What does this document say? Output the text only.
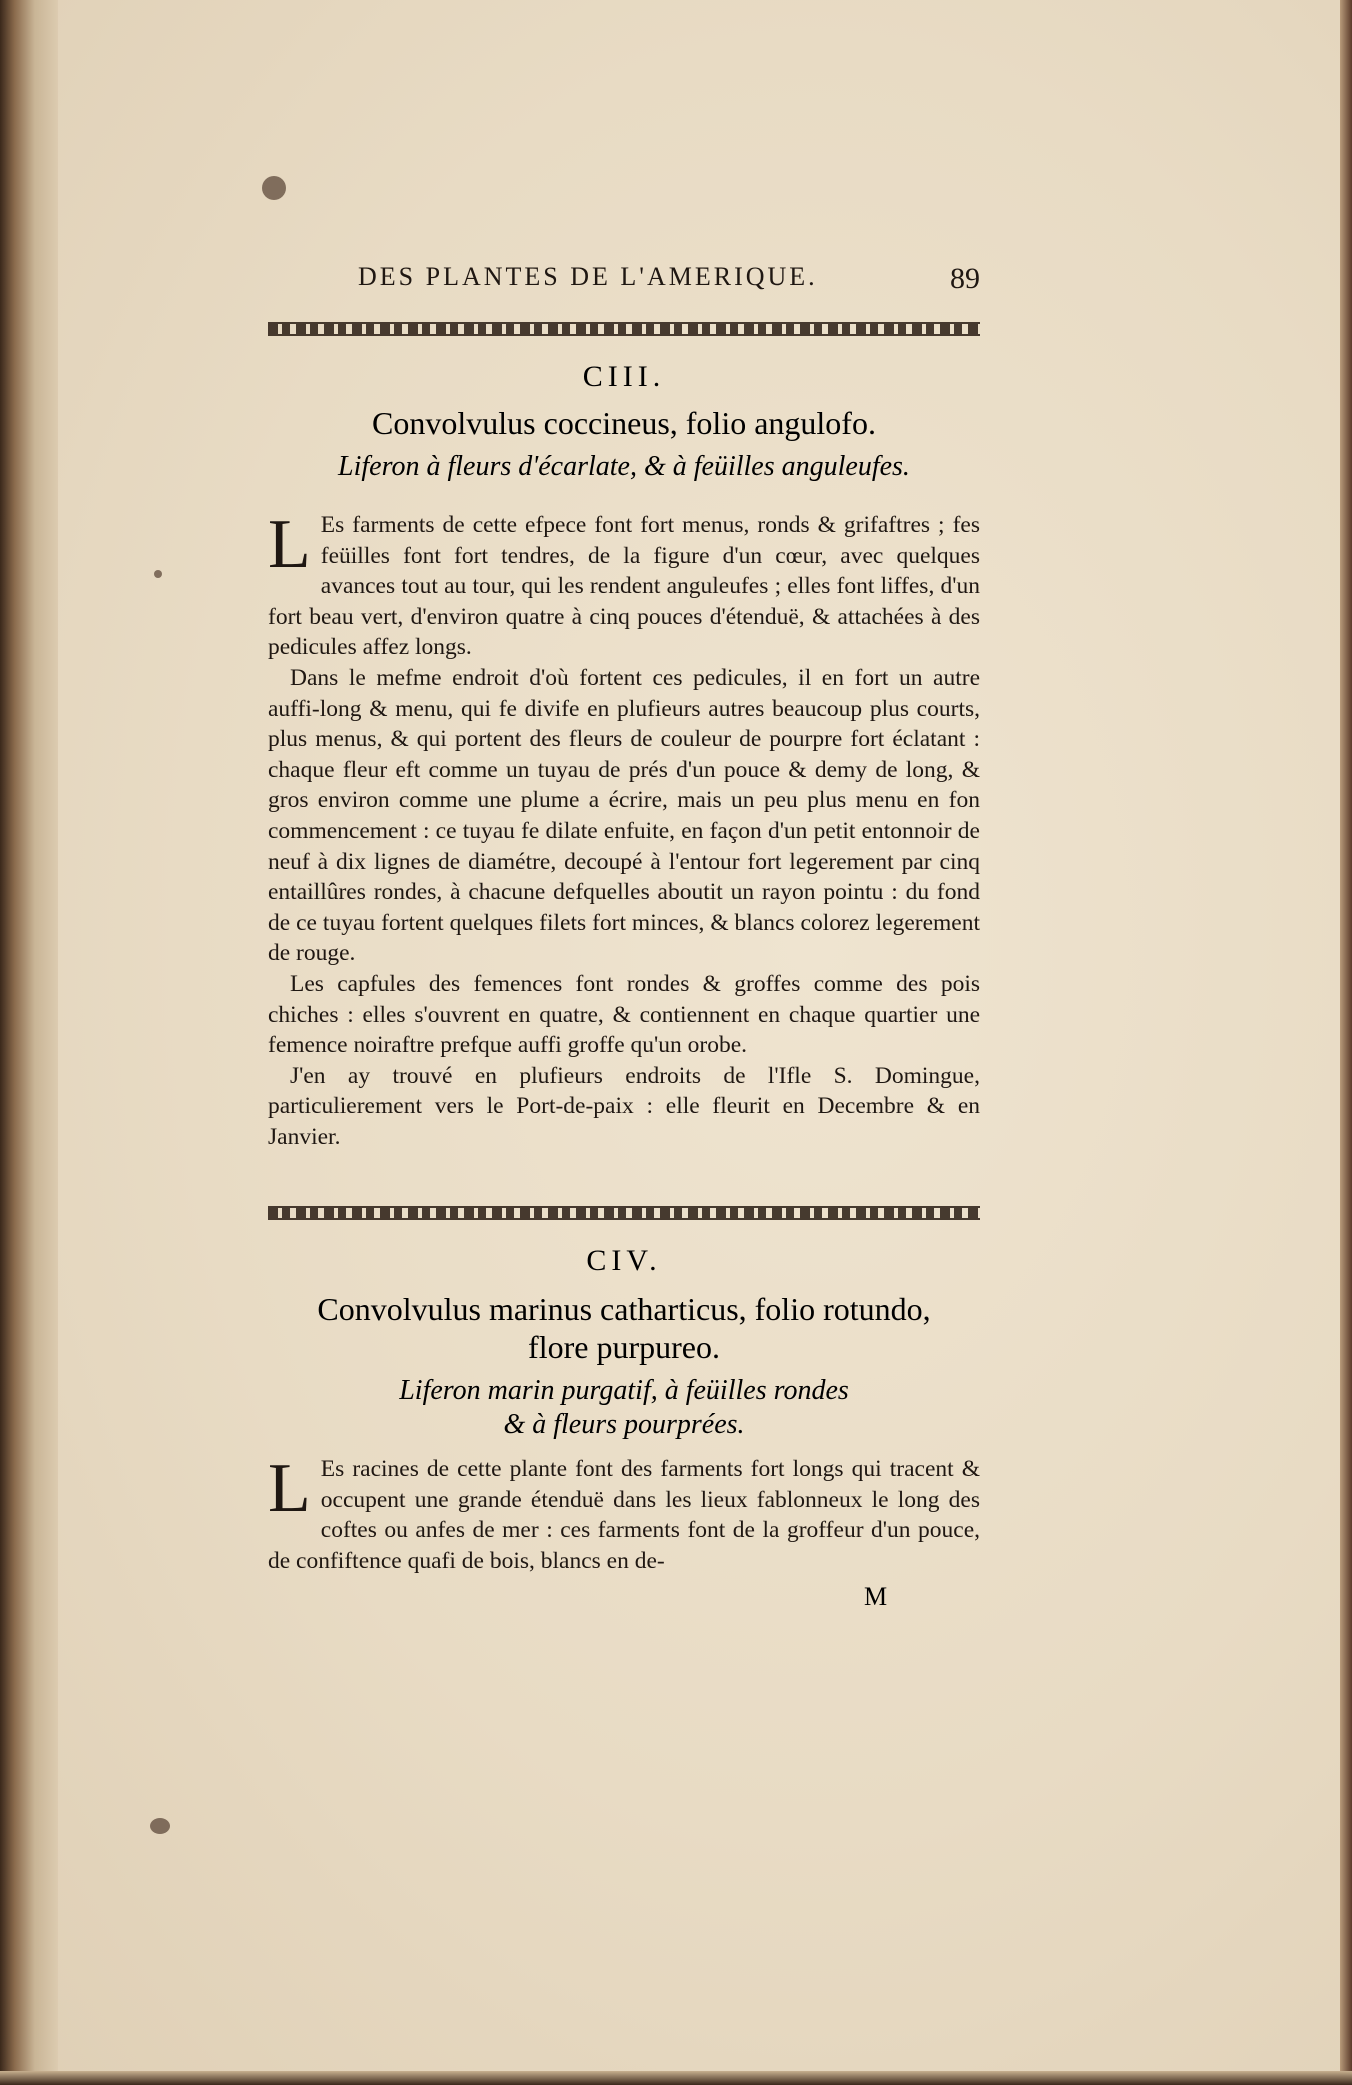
DES PLANTES DE L'AMERIQUE.	89
CIII.
Convolvulus coccineus, folio angulofo.
Liferon à fleurs d'écarlate, & à feüilles anguleufes.

L Es farments de cette efpece font fort menus, ronds & grifaftres ; fes feüilles font fort tendres, de la figure d'un cœur, avec quelques avances tout au tour, qui les rendent anguleufes ; elles font liffes, d'un fort beau vert, d'environ quatre à cinq pouces d'étenduë, & attachées à des pedicules affez longs.

Dans le mefme endroit d'où fortent ces pedicules, il en fort un autre auffi-long & menu, qui fe divife en plufieurs autres beaucoup plus courts, plus menus, & qui portent des fleurs de couleur de pourpre fort éclatant : chaque fleur eft comme un tuyau de prés d'un pouce & demy de long, & gros environ comme une plume a écrire, mais un peu plus menu en fon commencement : ce tuyau fe dilate enfuite, en façon d'un petit entonnoir de neuf à dix lignes de diamétre, decoupé à l'entour fort legerement par cinq entaillûres rondes, à chacune defquelles aboutit un rayon pointu : du fond de ce tuyau fortent quelques filets fort minces, & blancs colorez legerement de rouge.

Les capfules des femences font rondes & groffes comme des pois chiches : elles s'ouvrent en quatre, & contiennent en chaque quartier une femence noiraftre prefque auffi groffe qu'un orobe.

J'en ay trouvé en plufieurs endroits de l'Ifle S. Domingue, particulierement vers le Port-de-paix : elle fleurit en Decembre & en Janvier.

CIV.
Convolvulus marinus catharticus, folio rotundo,
flore purpureo.
Liferon marin purgatif, à feüilles rondes
& à fleurs pourprées.

L Es racines de cette plante font des farments fort longs qui tracent & occupent une grande étenduë dans les lieux fablonneux le long des coftes ou anfes de mer : ces farments font de la groffeur d'un pouce, de confiftence quafi de bois, blancs en de-

M
